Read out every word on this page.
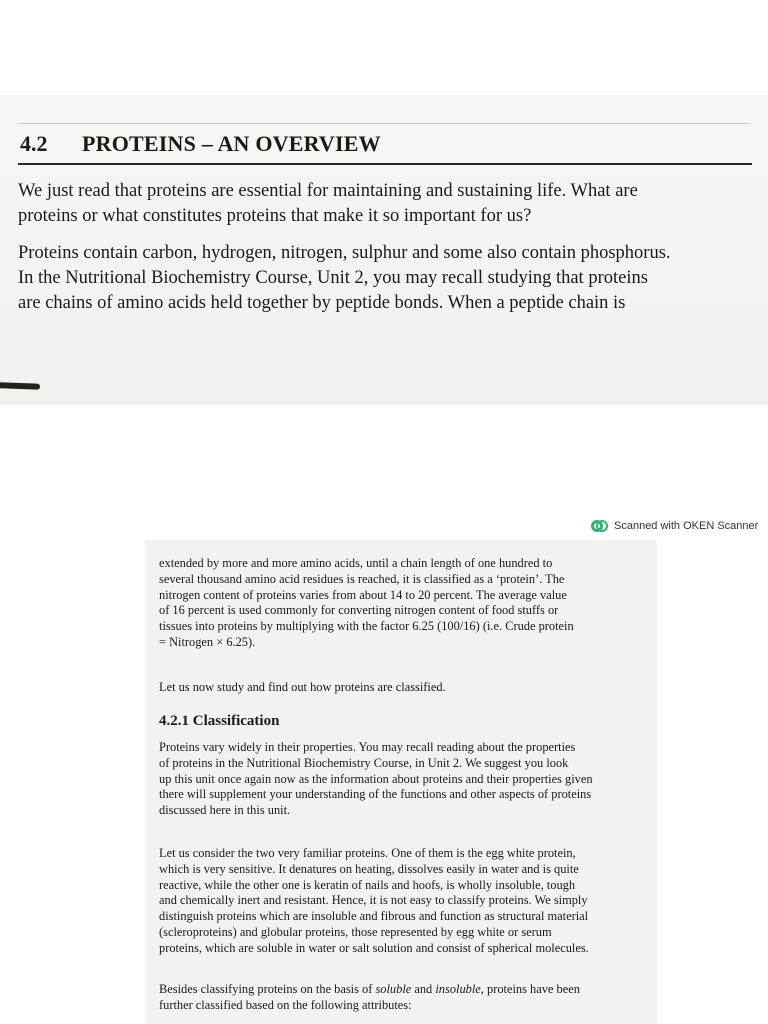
4.2 PROTEINS – AN OVERVIEW
We just read that proteins are essential for maintaining and sustaining life. What are
proteins or what constitutes proteins that make it so important for us?
Proteins contain carbon, hydrogen, nitrogen, sulphur and some also contain phosphorus.
In the Nutritional Biochemistry Course, Unit 2, you may recall studying that proteins
are chains of amino acids held together by peptide bonds. When a peptide chain is
Scanned with OKEN Scanner
extended by more and more amino acids, until a chain length of one hundred to
several thousand amino acid residues is reached, it is classified as a ‘protein’. The
nitrogen content of proteins varies from about 14 to 20 percent. The average value
of 16 percent is used commonly for converting nitrogen content of food stuffs or
tissues into proteins by multiplying with the factor 6.25 (100/16) (i.e. Crude protein
= Nitrogen × 6.25).
Let us now study and find out how proteins are classified.
4.2.1 Classification
Proteins vary widely in their properties. You may recall reading about the properties
of proteins in the Nutritional Biochemistry Course, in Unit 2. We suggest you look
up this unit once again now as the information about proteins and their properties given
there will supplement your understanding of the functions and other aspects of proteins
discussed here in this unit.
Let us consider the two very familiar proteins. One of them is the egg white protein,
which is very sensitive. It denatures on heating, dissolves easily in water and is quite
reactive, while the other one is keratin of nails and hoofs, is wholly insoluble, tough
and chemically inert and resistant. Hence, it is not easy to classify proteins. We simply
distinguish proteins which are insoluble and fibrous and function as structural material
(scleroproteins) and globular proteins, those represented by egg white or serum
proteins, which are soluble in water or salt solution and consist of spherical molecules.
Besides classifying proteins on the basis of soluble and insoluble, proteins have been
further classified based on the following attributes:
